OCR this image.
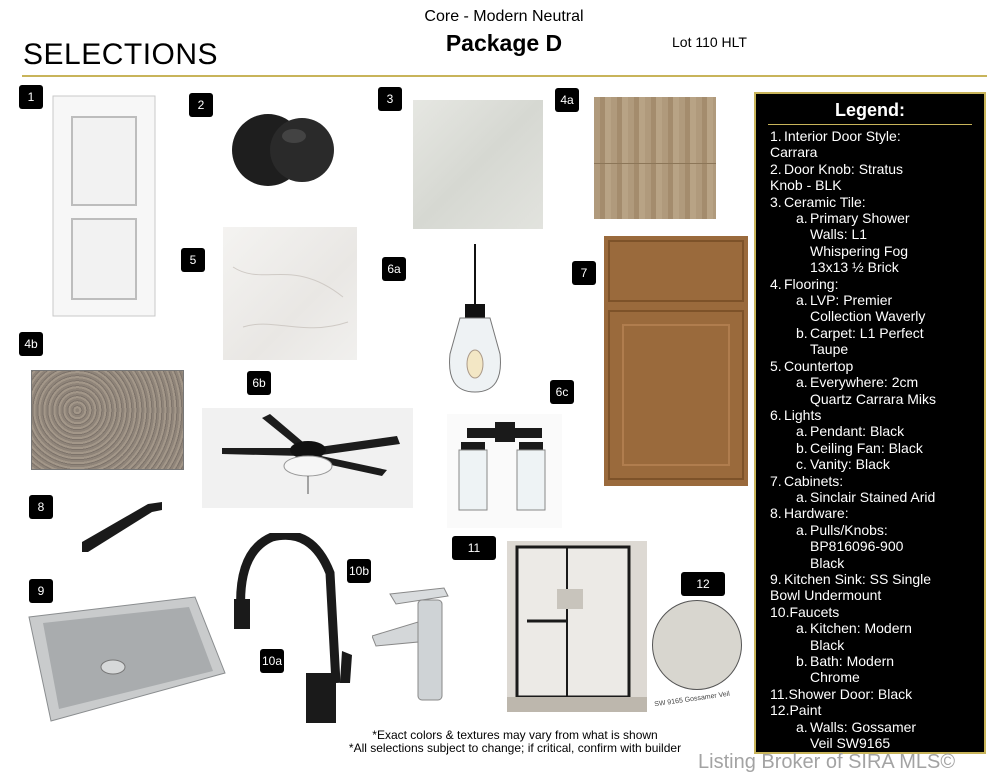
Core - Modern Neutral
Package D
SELECTIONS	Lot 110 HLT
1
2	3	4a
5
6a	7
4b
6b
6c
8
9
10a
10b
11
12
SW 9165 Gossamer Veil
Legend:
1. Interior Door Style:
Carrara
2. Door Knob: Stratus
Knob - BLK
3. Ceramic Tile:
a. Primary Shower
Walls: L1
Whispering Fog
13x13 ½ Brick
4. Flooring:
a. LVP: Premier
Collection Waverly
b. Carpet: L1 Perfect
Taupe
5. Countertop
a. Everywhere: 2cm
Quartz Carrara Miks
6. Lights
a. Pendant: Black
b. Ceiling Fan: Black
c. Vanity: Black
7. Cabinets:
a. Sinclair Stained Arid
8. Hardware:
a. Pulls/Knobs:
BP816096-900
Black
9. Kitchen Sink: SS Single
Bowl Undermount
10. Faucets
a. Kitchen: Modern
Black
b. Bath: Modern
Chrome
11. Shower Door: Black
12. Paint
a. Walls: Gossamer
Veil SW9165
*Exact colors & textures may vary from what is shown
*All selections subject to change; if critical, confirm with builder
Listing Broker of SIRA MLS©
